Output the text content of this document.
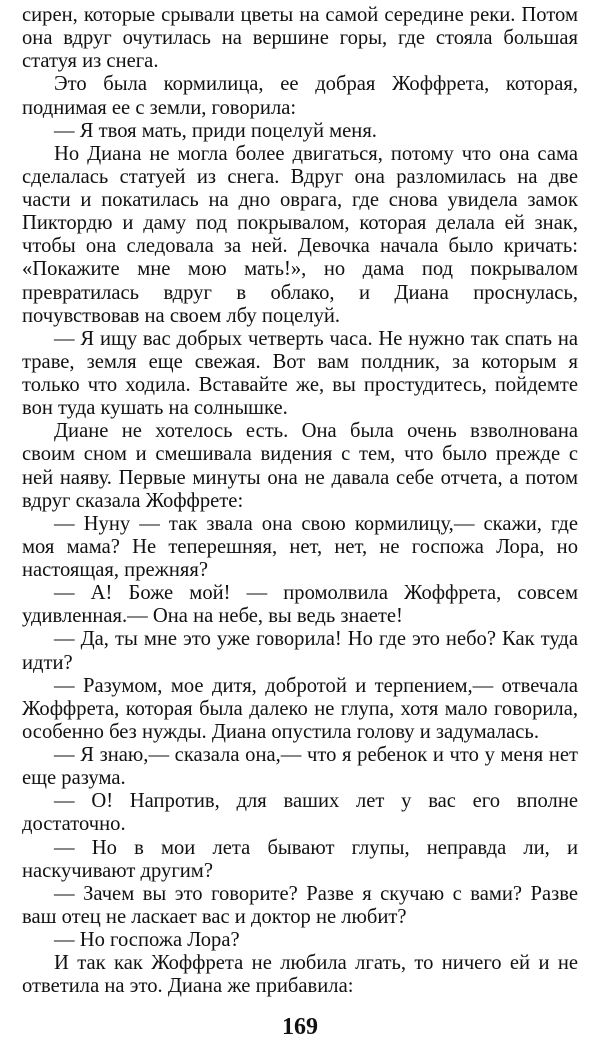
сирен, которые срывали цветы на самой середине реки. Потом она вдруг очутилась на вершине горы, где стояла большая статуя из снега.

Это была кормилица, ее добрая Жоффрета, которая, поднимая ее с земли, говорила:

— Я твоя мать, приди поцелуй меня.

Но Диана не могла более двигаться, потому что она сама сделалась статуей из снега. Вдруг она разломилась на две части и покатилась на дно оврага, где снова увидела замок Пиктордю и даму под покрывалом, которая делала ей знак, чтобы она следовала за ней. Девочка начала было кричать: «Покажите мне мою мать!», но дама под покрывалом превратилась вдруг в облако, и Диана проснулась, почувствовав на своем лбу поцелуй.

— Я ищу вас добрых четверть часа. Не нужно так спать на траве, земля еще свежая. Вот вам полдник, за которым я только что ходила. Вставайте же, вы простудитесь, пойдемте вон туда кушать на солнышке.

Диане не хотелось есть. Она была очень взволнована своим сном и смешивала видения с тем, что было прежде с ней наяву. Первые минуты она не давала себе отчета, а потом вдруг сказала Жоффрете:

— Нуну — так звала она свою кормилицу,— скажи, где моя мама? Не теперешняя, нет, нет, не госпожа Лора, но настоящая, прежняя?

— А! Боже мой! — промолвила Жоффрета, совсем удивленная.— Она на небе, вы ведь знаете!

— Да, ты мне это уже говорила! Но где это небо? Как туда идти?

— Разумом, мое дитя, добротой и терпением,— отвечала Жоффрета, которая была далеко не глупа, хотя мало говорила, особенно без нужды. Диана опустила голову и задумалась.

— Я знаю,— сказала она,— что я ребенок и что у меня нет еще разума.

— О! Напротив, для ваших лет у вас его вполне достаточно.

— Но в мои лета бывают глупы, неправда ли, и наскучивают другим?

— Зачем вы это говорите? Разве я скучаю с вами? Разве ваш отец не ласкает вас и доктор не любит?

— Но госпожа Лора?

И так как Жоффрета не любила лгать, то ничего ей и не ответила на это. Диана же прибавила:

169
